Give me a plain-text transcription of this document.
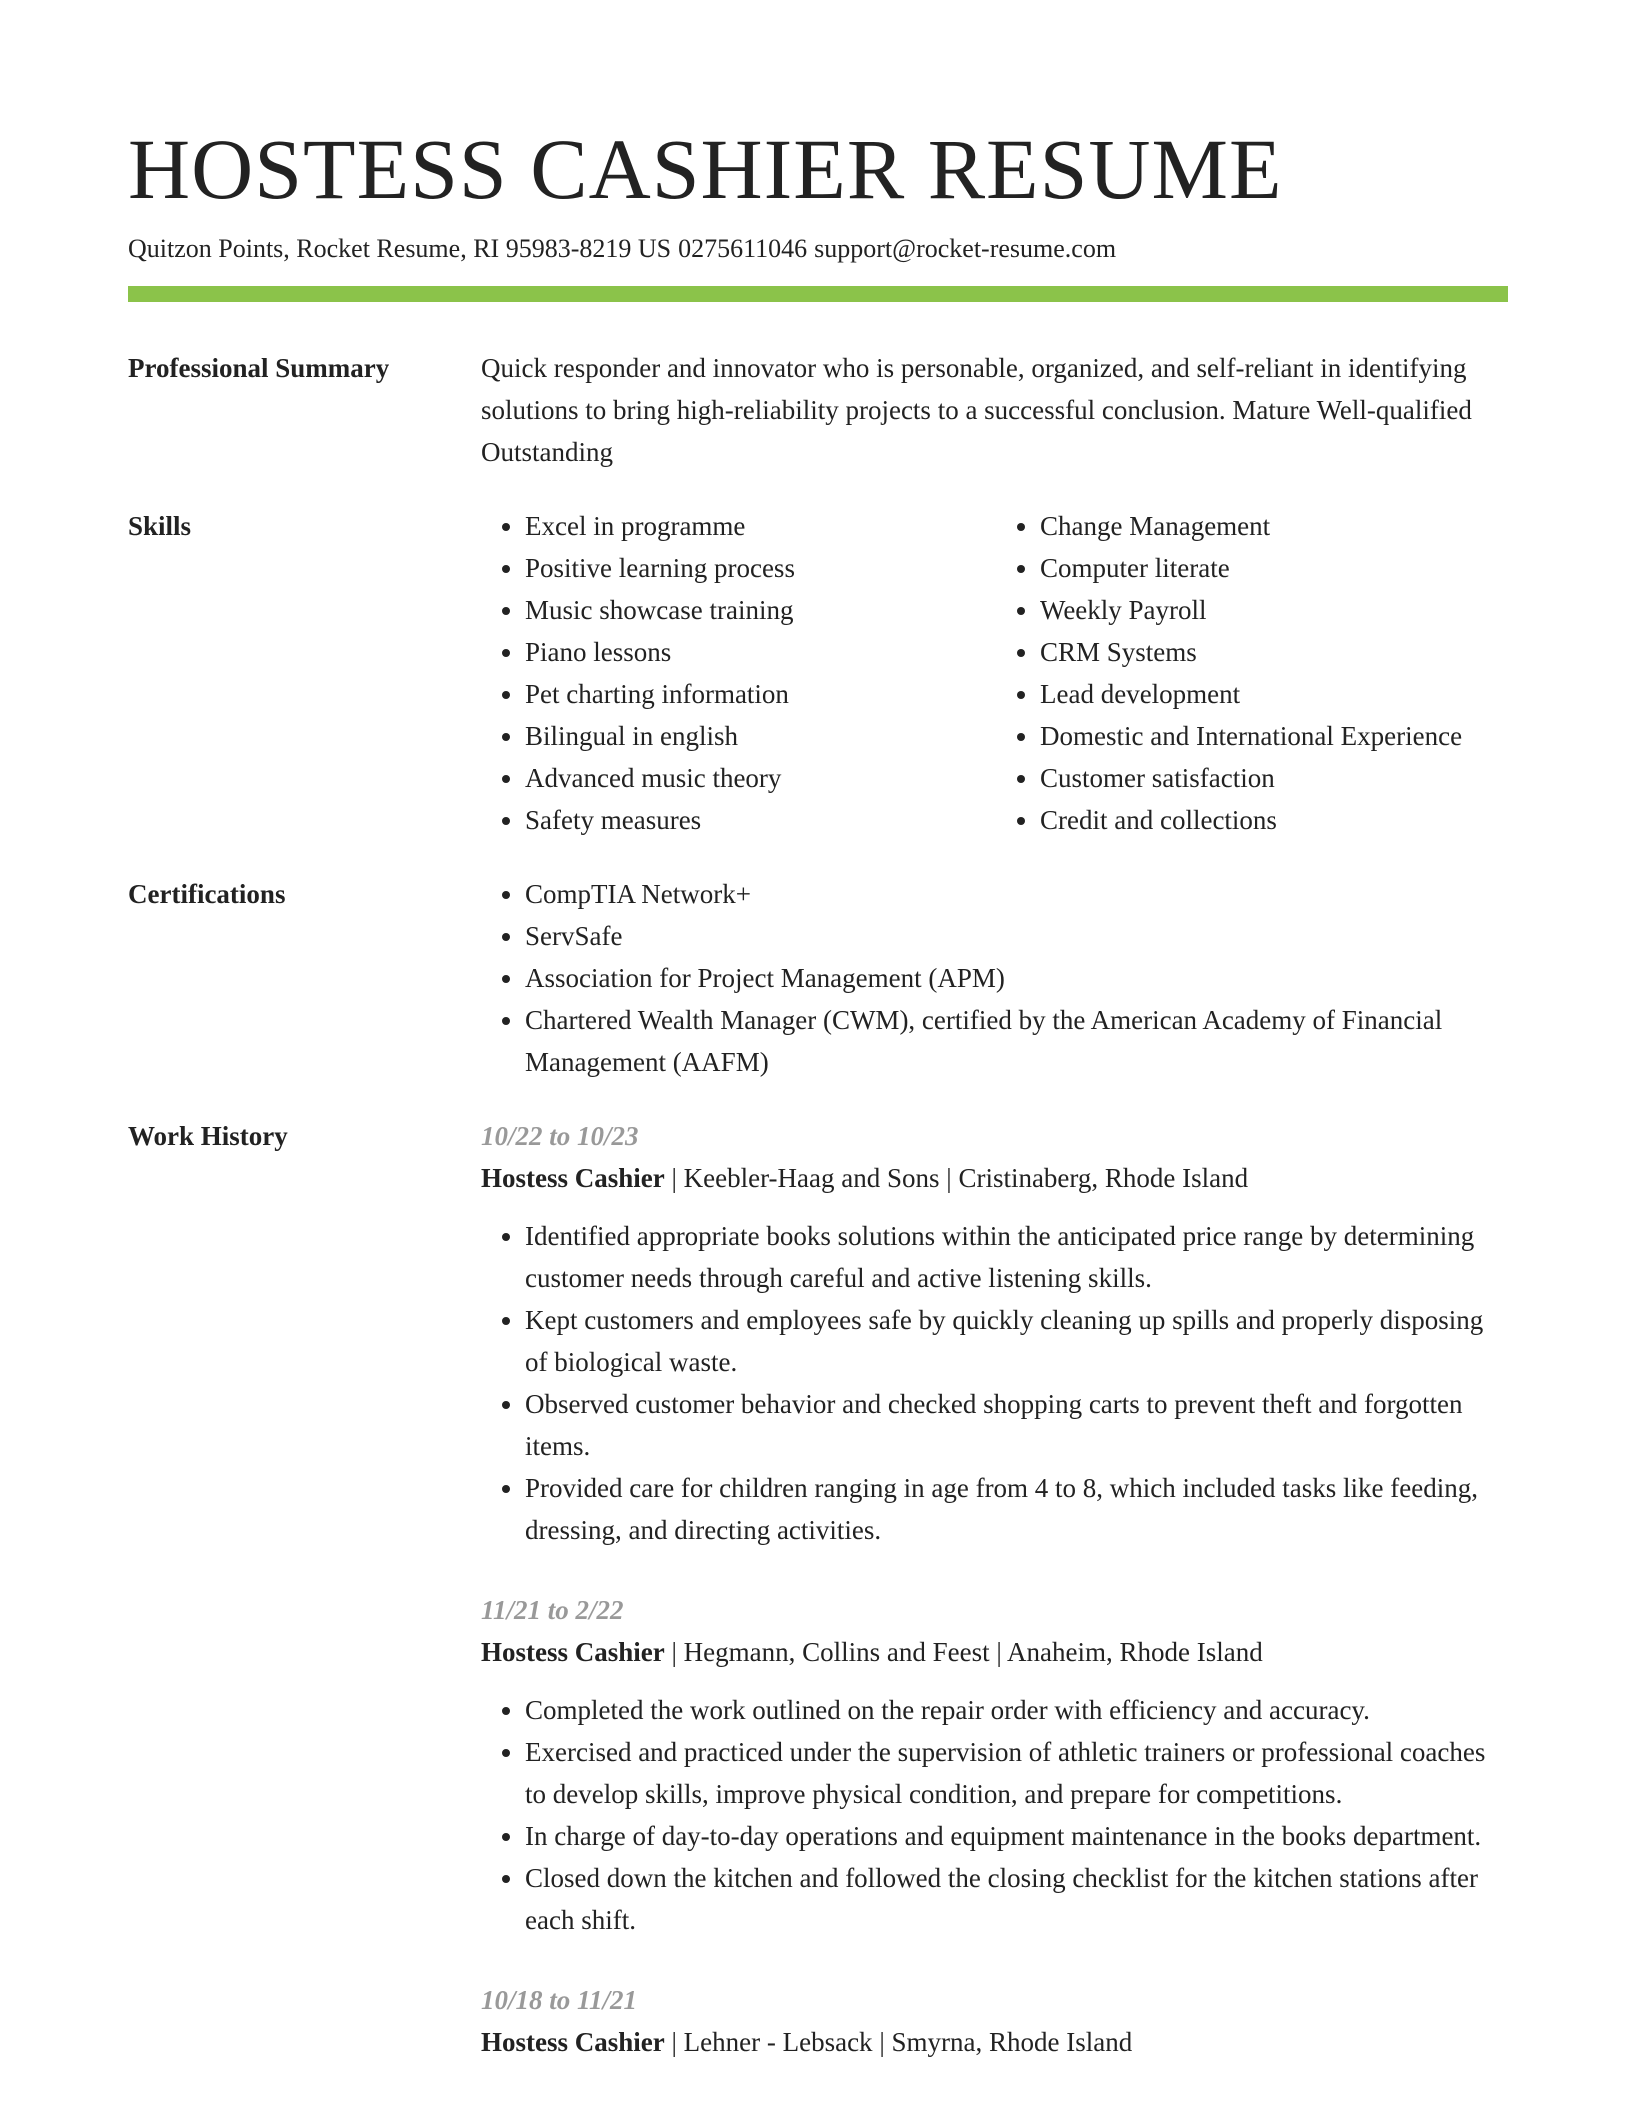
HOSTESS CASHIER RESUME
Quitzon Points, Rocket Resume, RI 95983-8219 US 0275611046 support@rocket-resume.com
Professional Summary	Quick responder and innovator who is personable, organized, and self-reliant in identifying solutions to bring high-reliability projects to a successful conclusion. Mature Well-qualified Outstanding

Skills	• Excel in programme
• Positive learning process
• Music showcase training
• Piano lessons
• Pet charting information
• Bilingual in english
• Advanced music theory
• Safety measures
• Change Management
• Computer literate
• Weekly Payroll
• CRM Systems
• Lead development
• Domestic and International Experience
• Customer satisfaction
• Credit and collections
Certifications	• CompTIA Network+
• ServSafe
• Association for Project Management (APM)
• Chartered Wealth Manager (CWM), certified by the American Academy of Financial Management (AAFM)
Work History	10/22 to 10/23
Hostess Cashier | Keebler-Haag and Sons | Cristinaberg, Rhode Island
• Identified appropriate books solutions within the anticipated price range by determining customer needs through careful and active listening skills.
• Kept customers and employees safe by quickly cleaning up spills and properly disposing of biological waste.
• Observed customer behavior and checked shopping carts to prevent theft and forgotten items.
• Provided care for children ranging in age from 4 to 8, which included tasks like feeding, dressing, and directing activities.
11/21 to 2/22
Hostess Cashier | Hegmann, Collins and Feest | Anaheim, Rhode Island
• Completed the work outlined on the repair order with efficiency and accuracy.
• Exercised and practiced under the supervision of athletic trainers or professional coaches to develop skills, improve physical condition, and prepare for competitions.
• In charge of day-to-day operations and equipment maintenance in the books department.
• Closed down the kitchen and followed the closing checklist for the kitchen stations after each shift.
10/18 to 11/21
Hostess Cashier | Lehner - Lebsack | Smyrna, Rhode Island
